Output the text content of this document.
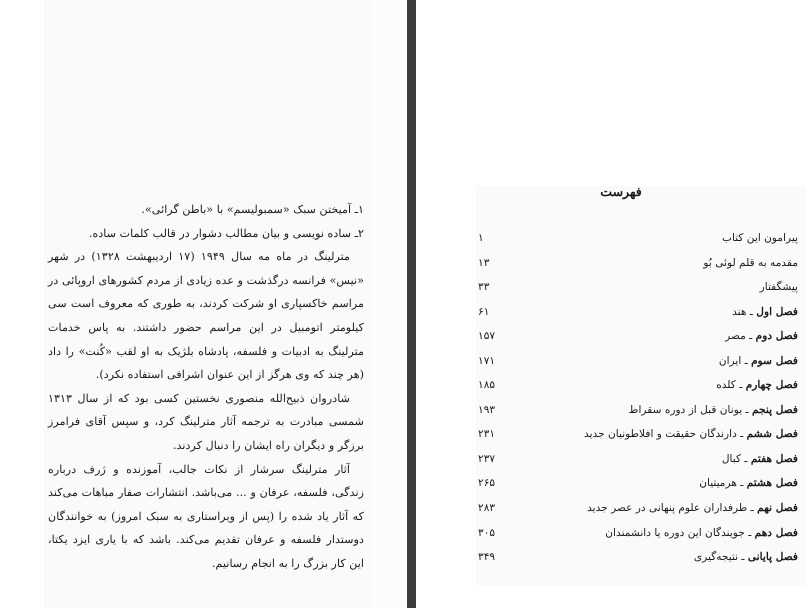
۱ـ آمیختن سبک «سمبولیسم» با «باطن گرائی».

۲ـ ساده نویسی و بیان مطالب دشوار در قالب کلمات ساده.

مترلینگ در ماه مه سال ۱۹۴۹ (۱۷ اردیبهشت ۱۳۲۸) در شهر «نیس» فرانسه درگذشت و عده زیادی از مردم کشورهای اروپائی در مراسم خاکسپاری او شرکت کردند، به طوری که معروف است سی کیلومتر اتومبیل در این مراسم حضور داشتند. به پاس خدمات مترلینگ به ادبیات و فلسفه، پادشاه بلژیک به او لقب «کُنت» را داد (هر چند که وی هرگز از این عنوان اشرافی استفاده نکرد).

شادروان ذبیح‌الله منصوری نخستین کسی بود که از سال ۱۳۱۳ شمسی مبادرت به ترجمه آثار مترلینگ کرد، و سپس آقای فرامرز برزگر و دیگران راه ایشان را دنبال کردند.

آثار مترلینگ سرشار از نکات جالب، آموزنده و ژرف درباره زندگی، فلسفه، عرفان و ... می‌باشد. انتشارات صفار مباهات می‌کند که آثار یاد شده را (پس از ویراستاری به سبک امروز) به خوانندگان دوستدار فلسفه و عرفان تقدیم می‌کند. باشد که با یاری ایزد یکتا، این کار بزرگ را به انجام رسانیم.

فهرست
پیرامون این کتاب
۱
مقدمه به قلم لوئی‌ بُو
۱۳
پیشگفتار
۳۳
فصل اول ـ هند
۶۱
فصل دوم ـ مصر
۱۵۷
فصل سوم ـ ایران
۱۷۱
فصل چهارم ـ کلده
۱۸۵
فصل پنجم ـ یونان قبل از دوره سقراط
۱۹۳
فصل ششم ـ دارندگان حقیقت و افلاطونیان جدید
۲۳۱
فصل هفتم ـ کبال
۲۳۷
فصل هشتم ـ هرمیتیان
۲۶۵
فصل نهم ـ طرفداران علوم پنهانی در عصر جدید
۲۸۳
فصل دهم ـ جویندگان این دوره یا دانشمندان
۳۰۵
فصل پایانی ـ نتیجه‌گیری
۳۴۹
